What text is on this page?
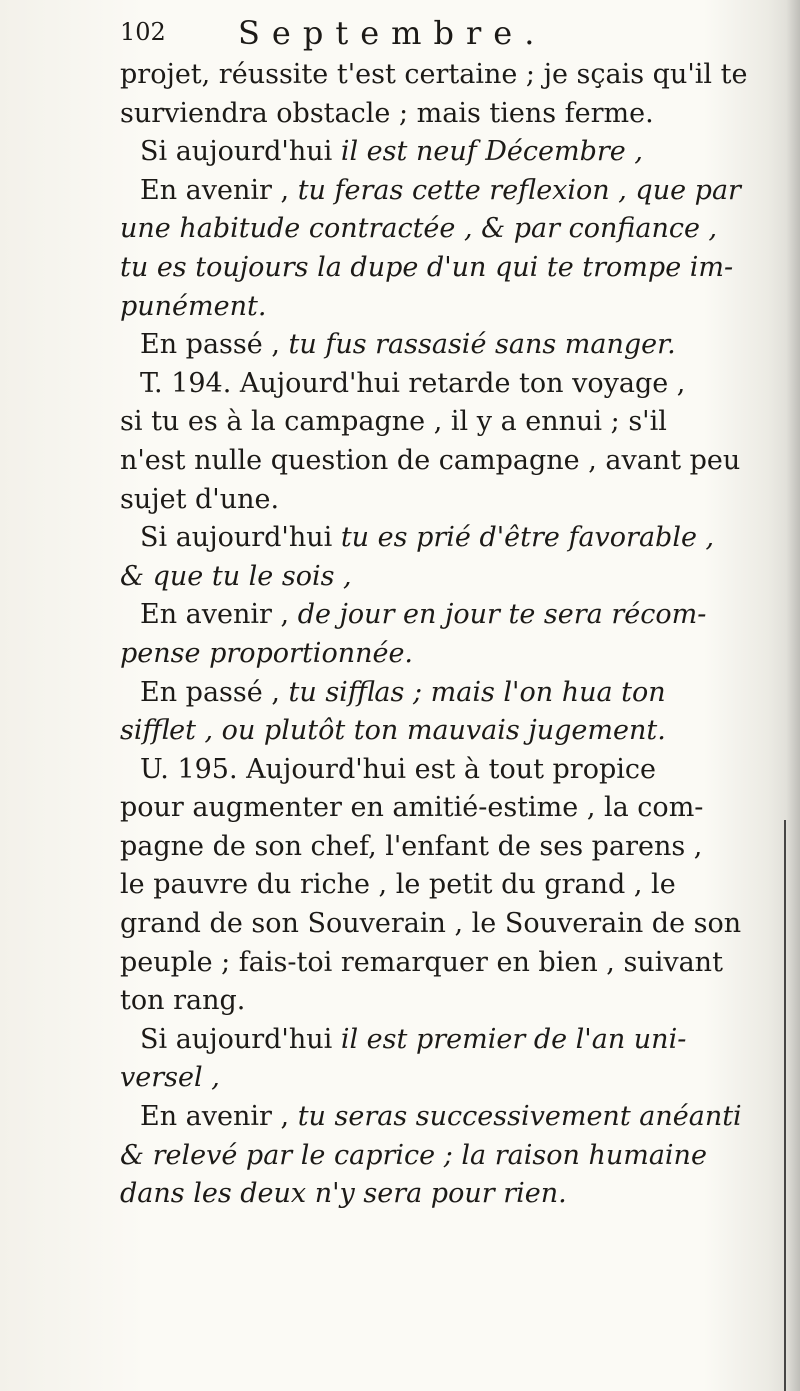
102 Septembre.
projet, réussite t'est certaine ; je sçais qu'il te
surviendra obstacle ; mais tiens ferme.
Si aujourd'hui il est neuf Décembre ,
En avenir , tu feras cette reflexion , que par
une habitude contractée , & par confiance ,
tu es toujours la dupe d'un qui te trompe im-
punément.
En passé , tu fus rassasié sans manger.
T. 194. Aujourd'hui retarde ton voyage ,
si tu es à la campagne , il y a ennui ; s'il
n'est nulle question de campagne , avant peu
sujet d'une.
Si aujourd'hui tu es prié d'être favorable ,
& que tu le sois ,
En avenir , de jour en jour te sera récom-
pense proportionnée.
En passé , tu sifflas ; mais l'on hua ton
sifflet , ou plutôt ton mauvais jugement.
U. 195. Aujourd'hui est à tout propice
pour augmenter en amitié-estime , la com-
pagne de son chef, l'enfant de ses parens ,
le pauvre du riche , le petit du grand , le
grand de son Souverain , le Souverain de son
peuple ; fais-toi remarquer en bien , suivant
ton rang.
Si aujourd'hui il est premier de l'an uni-
versel ,
En avenir , tu seras successivement anéanti
& relevé par le caprice ; la raison humaine
dans les deux n'y sera pour rien.
